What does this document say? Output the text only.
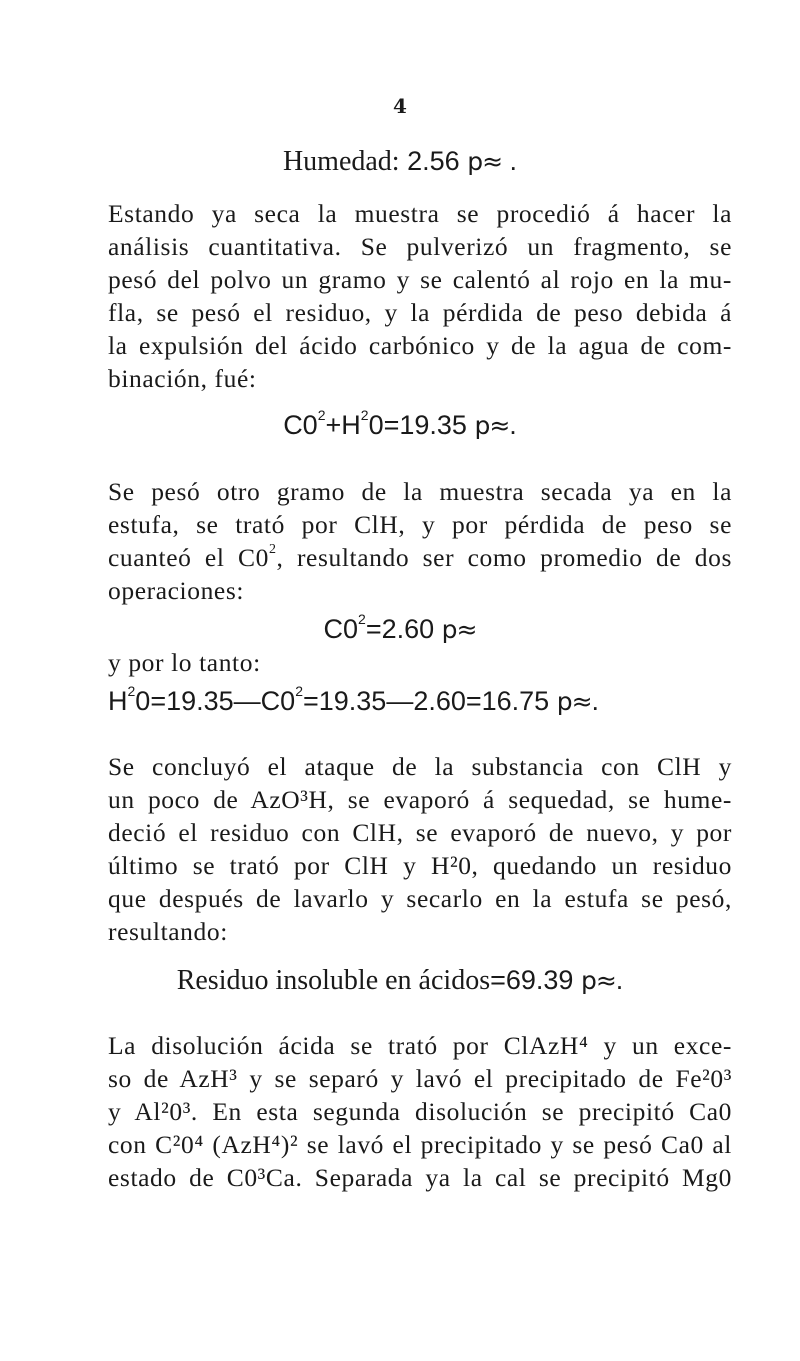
4
Humedad: 2.56 p≈ .
Estando ya seca la muestra se procedió á hacer la
análisis cuantitativa. Se pulverizó un fragmento, se
pesó del polvo un gramo y se calentó al rojo en la mu-
fla, se pesó el residuo, y la pérdida de peso debida á
la expulsión del ácido carbónico y de la agua de com-
binación, fué:
$C0^2+H^20=19.35$ p≈.
Se pesó otro gramo de la muestra secada ya en la
estufa, se trató por ClH, y por pérdida de peso se
cuanteó el $C0^2$, resultando ser como promedio de dos
operaciones:
$C0^2=2.60$ p≈
y por lo tanto:
$H^20=19.35—C0^2=19.35—2.60=16.75$ p≈.
Se concluyó el ataque de la substancia con ClH y
un poco de AzO³H, se evaporó á sequedad, se hume-
deció el residuo con ClH, se evaporó de nuevo, y por
último se trató por ClH y H²0, quedando un residuo
que después de lavarlo y secarlo en la estufa se pesó,
resultando:
Residuo insoluble en ácidos=69.39 p≈.
La disolución ácida se trató por ClAzH⁴ y un exce-
so de AzH³ y se separó y lavó el precipitado de Fe²0³
y Al²0³. En esta segunda disolución se precipitó Ca0
con C²0⁴ (AzH⁴)² se lavó el precipitado y se pesó Ca0 al
estado de C0³Ca. Separada ya la cal se precipitó Mg0
